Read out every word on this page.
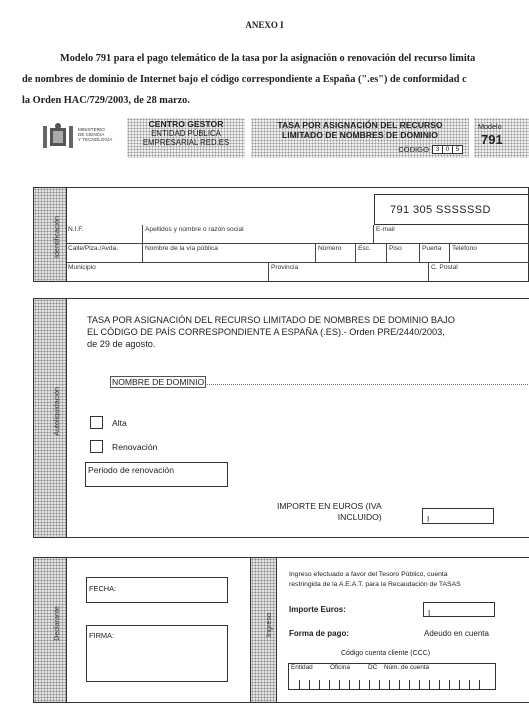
ANEXO I
Modelo 791 para el pago telemático de la tasa por la asignación o renovación del recurso limita
de nombres de dominio de Internet bajo el código correspondiente a España (".es") de conformidad c
la Orden HAC/729/2003, de 28 marzo.
MINISTERIO
DE CIENCIA
Y TECNOLOGÍA
CENTRO GESTOR
ENTIDAD PÚBLICA
EMPRESARIAL RED.ES
TASA POR ASIGNACIÓN DEL RECURSO
LIMITADO DE NOMBRES DE DOMINIO
CÓDIGO	3 0 5
Modelo
791
Identificación
791 305 SSSSSSD
N.I.F.	Apellidos y nombre o razón social	E-mail
Calle/Plza./Avda.	Nombre de la vía pública	Número	Esc.	Piso	Puerta	Teléfono
Municipio	Provincia	C. Postal
Autoliquidación
TASA POR ASIGNACIÓN DEL RECURSO LIMITADO DE NOMBRES DE DOMINIO BAJO
EL CÓDIGO DE PAÍS CORRESPONDIENTE A ESPAÑA (.ES).- Orden PRE/2440/2003,
de 29 de agosto.
NOMBRE DE DOMINIO
Alta
Renovación
Periodo de renovación
IMPORTE EN EUROS (IVA
INCLUIDO)	I
Declarante
FECHA:
FIRMA:	Ingreso
Ingreso efectuado a favor del Tesoro Público, cuenta
restringida de la A.E.A.T. para la Recaudación de TASAS
Importe Euros:	I
Forma de pago:	Adeudo en cuenta
Código cuenta cliente (CCC)
Entidad	Oficina	DC	Núm. de cuenta
